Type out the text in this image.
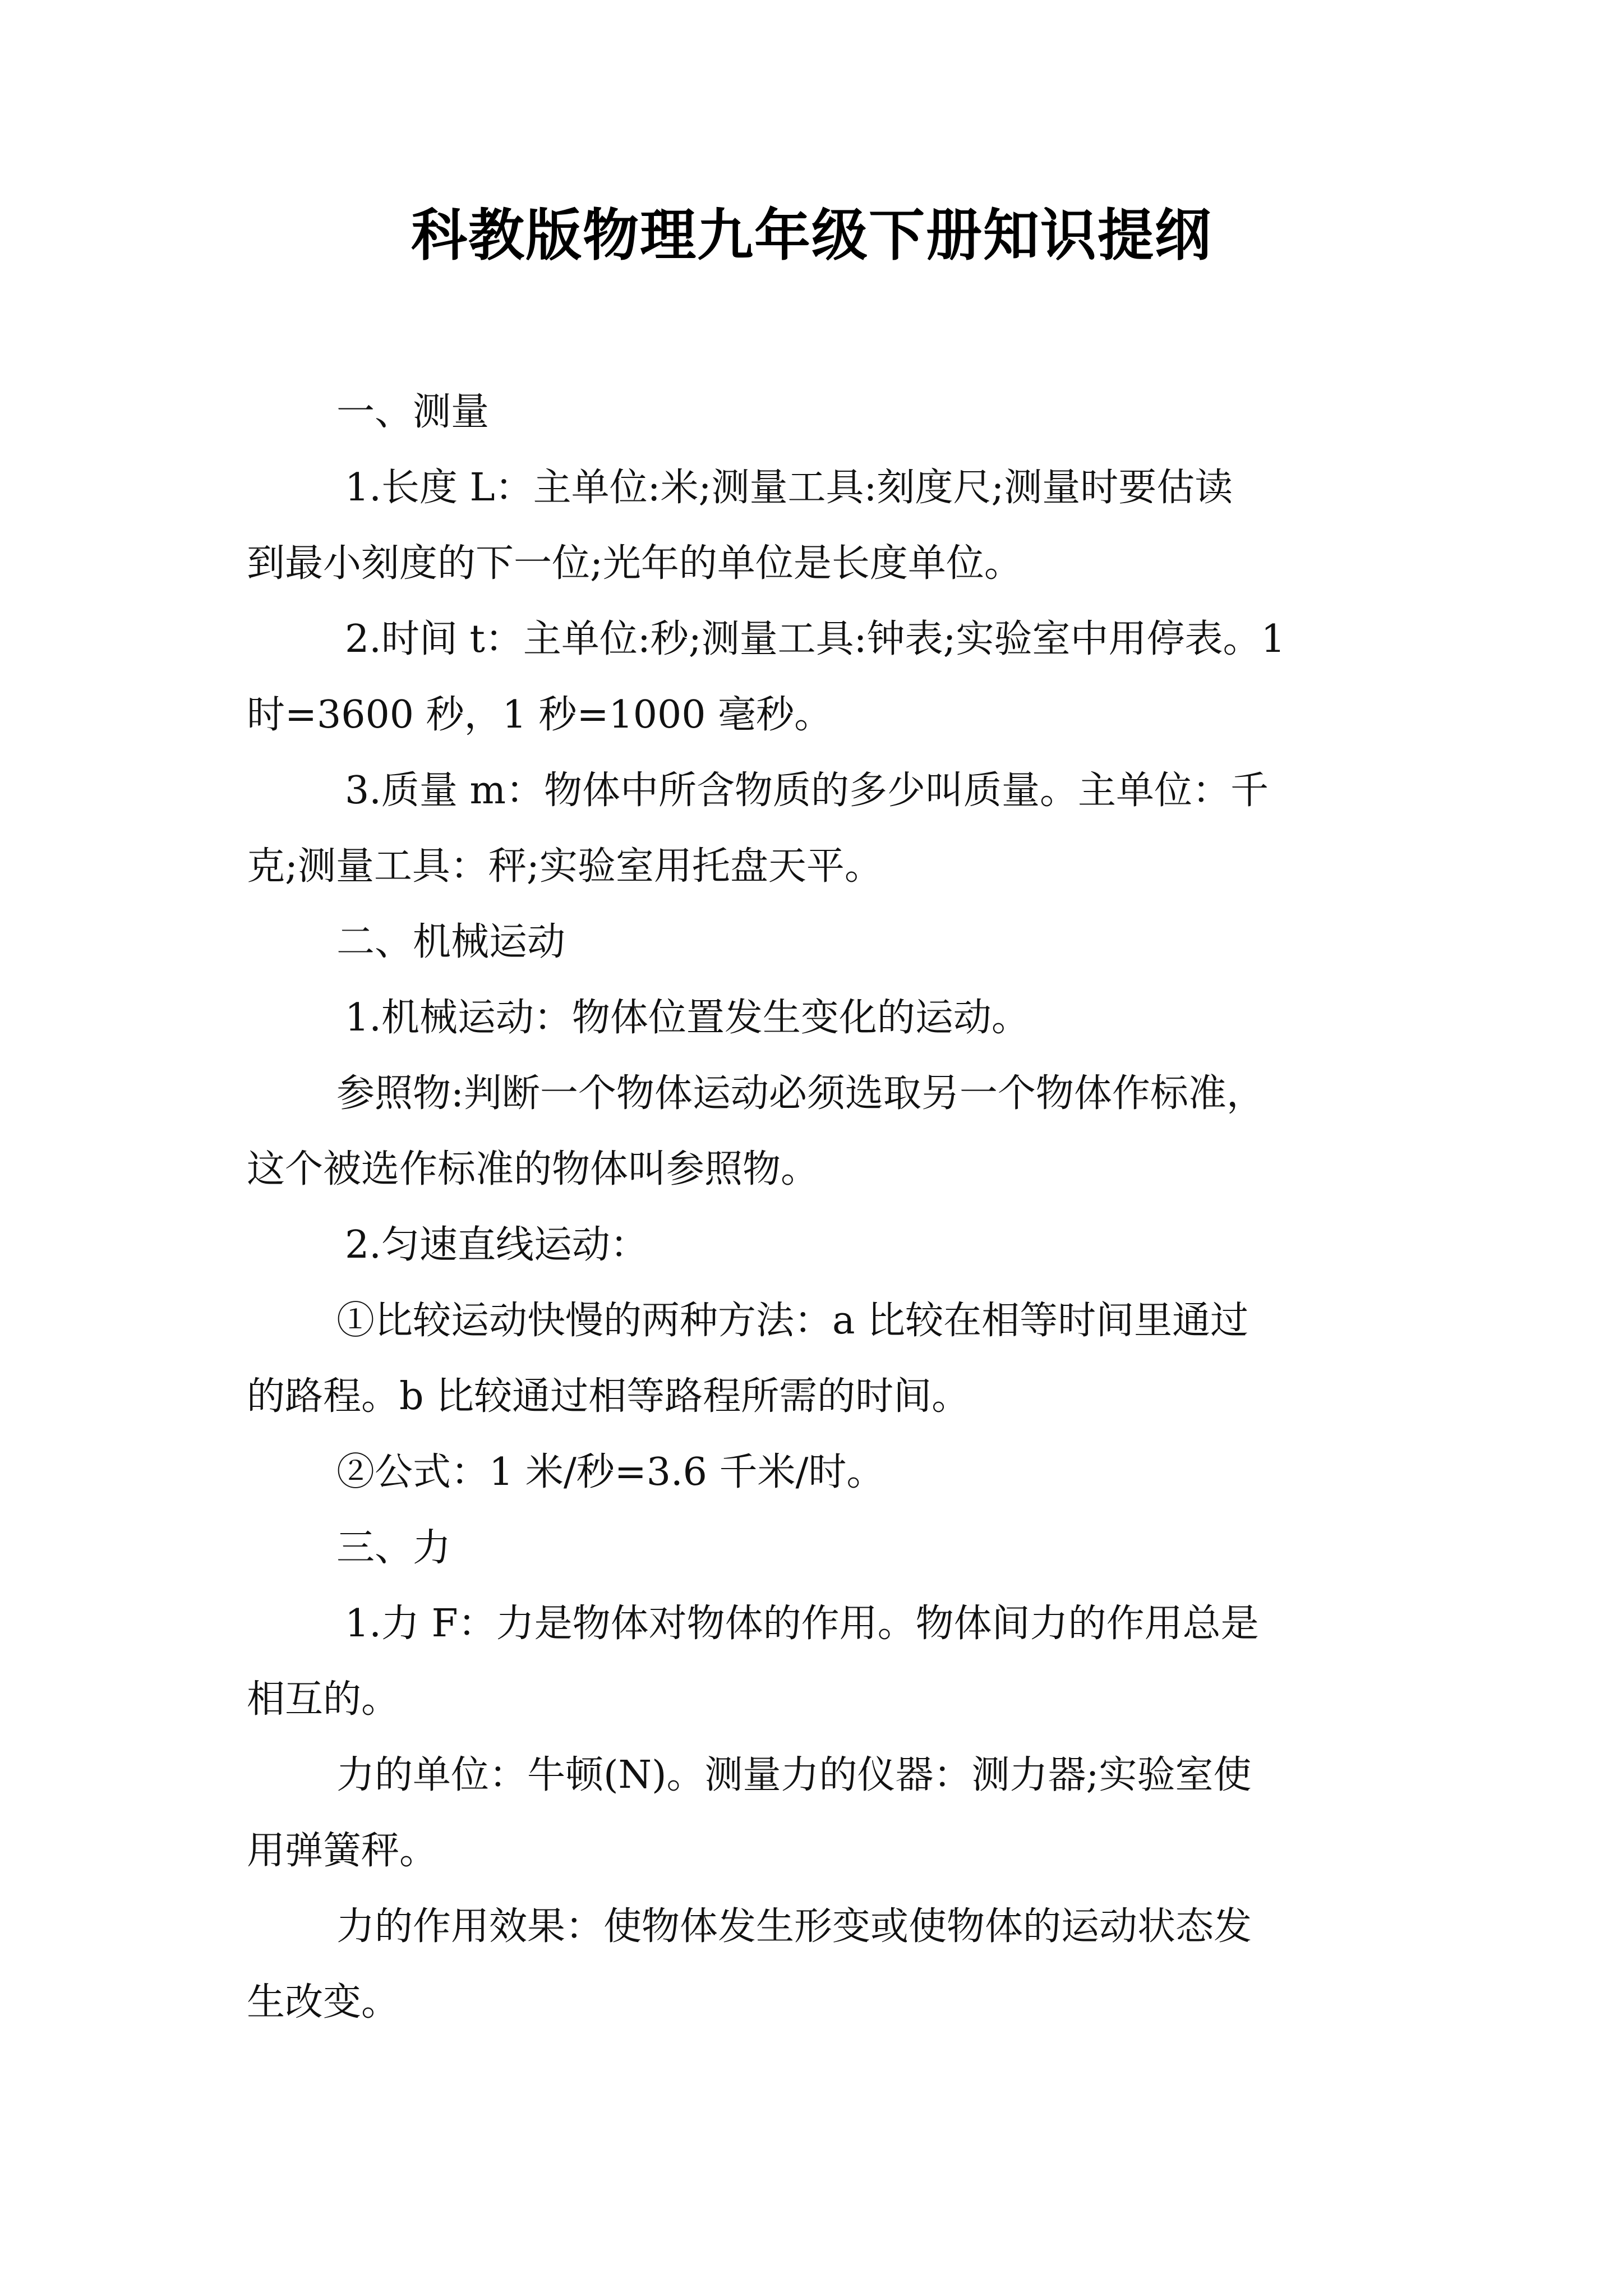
科教版物理九年级下册知识提纲
一、测量
1.长度 L：主单位:米;测量工具:刻度尺;测量时要估读
到最小刻度的下一位;光年的单位是长度单位。
2.时间 t：主单位:秒;测量工具:钟表;实验室中用停表。1
时=3600 秒，1 秒=1000 毫秒。
3.质量 m：物体中所含物质的多少叫质量。主单位：千
克;测量工具：秤;实验室用托盘天平。
二、机械运动
1.机械运动：物体位置发生变化的运动。
参照物:判断一个物体运动必须选取另一个物体作标准，
这个被选作标准的物体叫参照物。
2.匀速直线运动：
①比较运动快慢的两种方法：a 比较在相等时间里通过
的路程。b 比较通过相等路程所需的时间。
②公式：1 米/秒=3.6 千米/时。
三、力
1.力 F：力是物体对物体的作用。物体间力的作用总是
相互的。
力的单位：牛顿(N)。测量力的仪器：测力器;实验室使
用弹簧秤。
力的作用效果：使物体发生形变或使物体的运动状态发
生改变。
